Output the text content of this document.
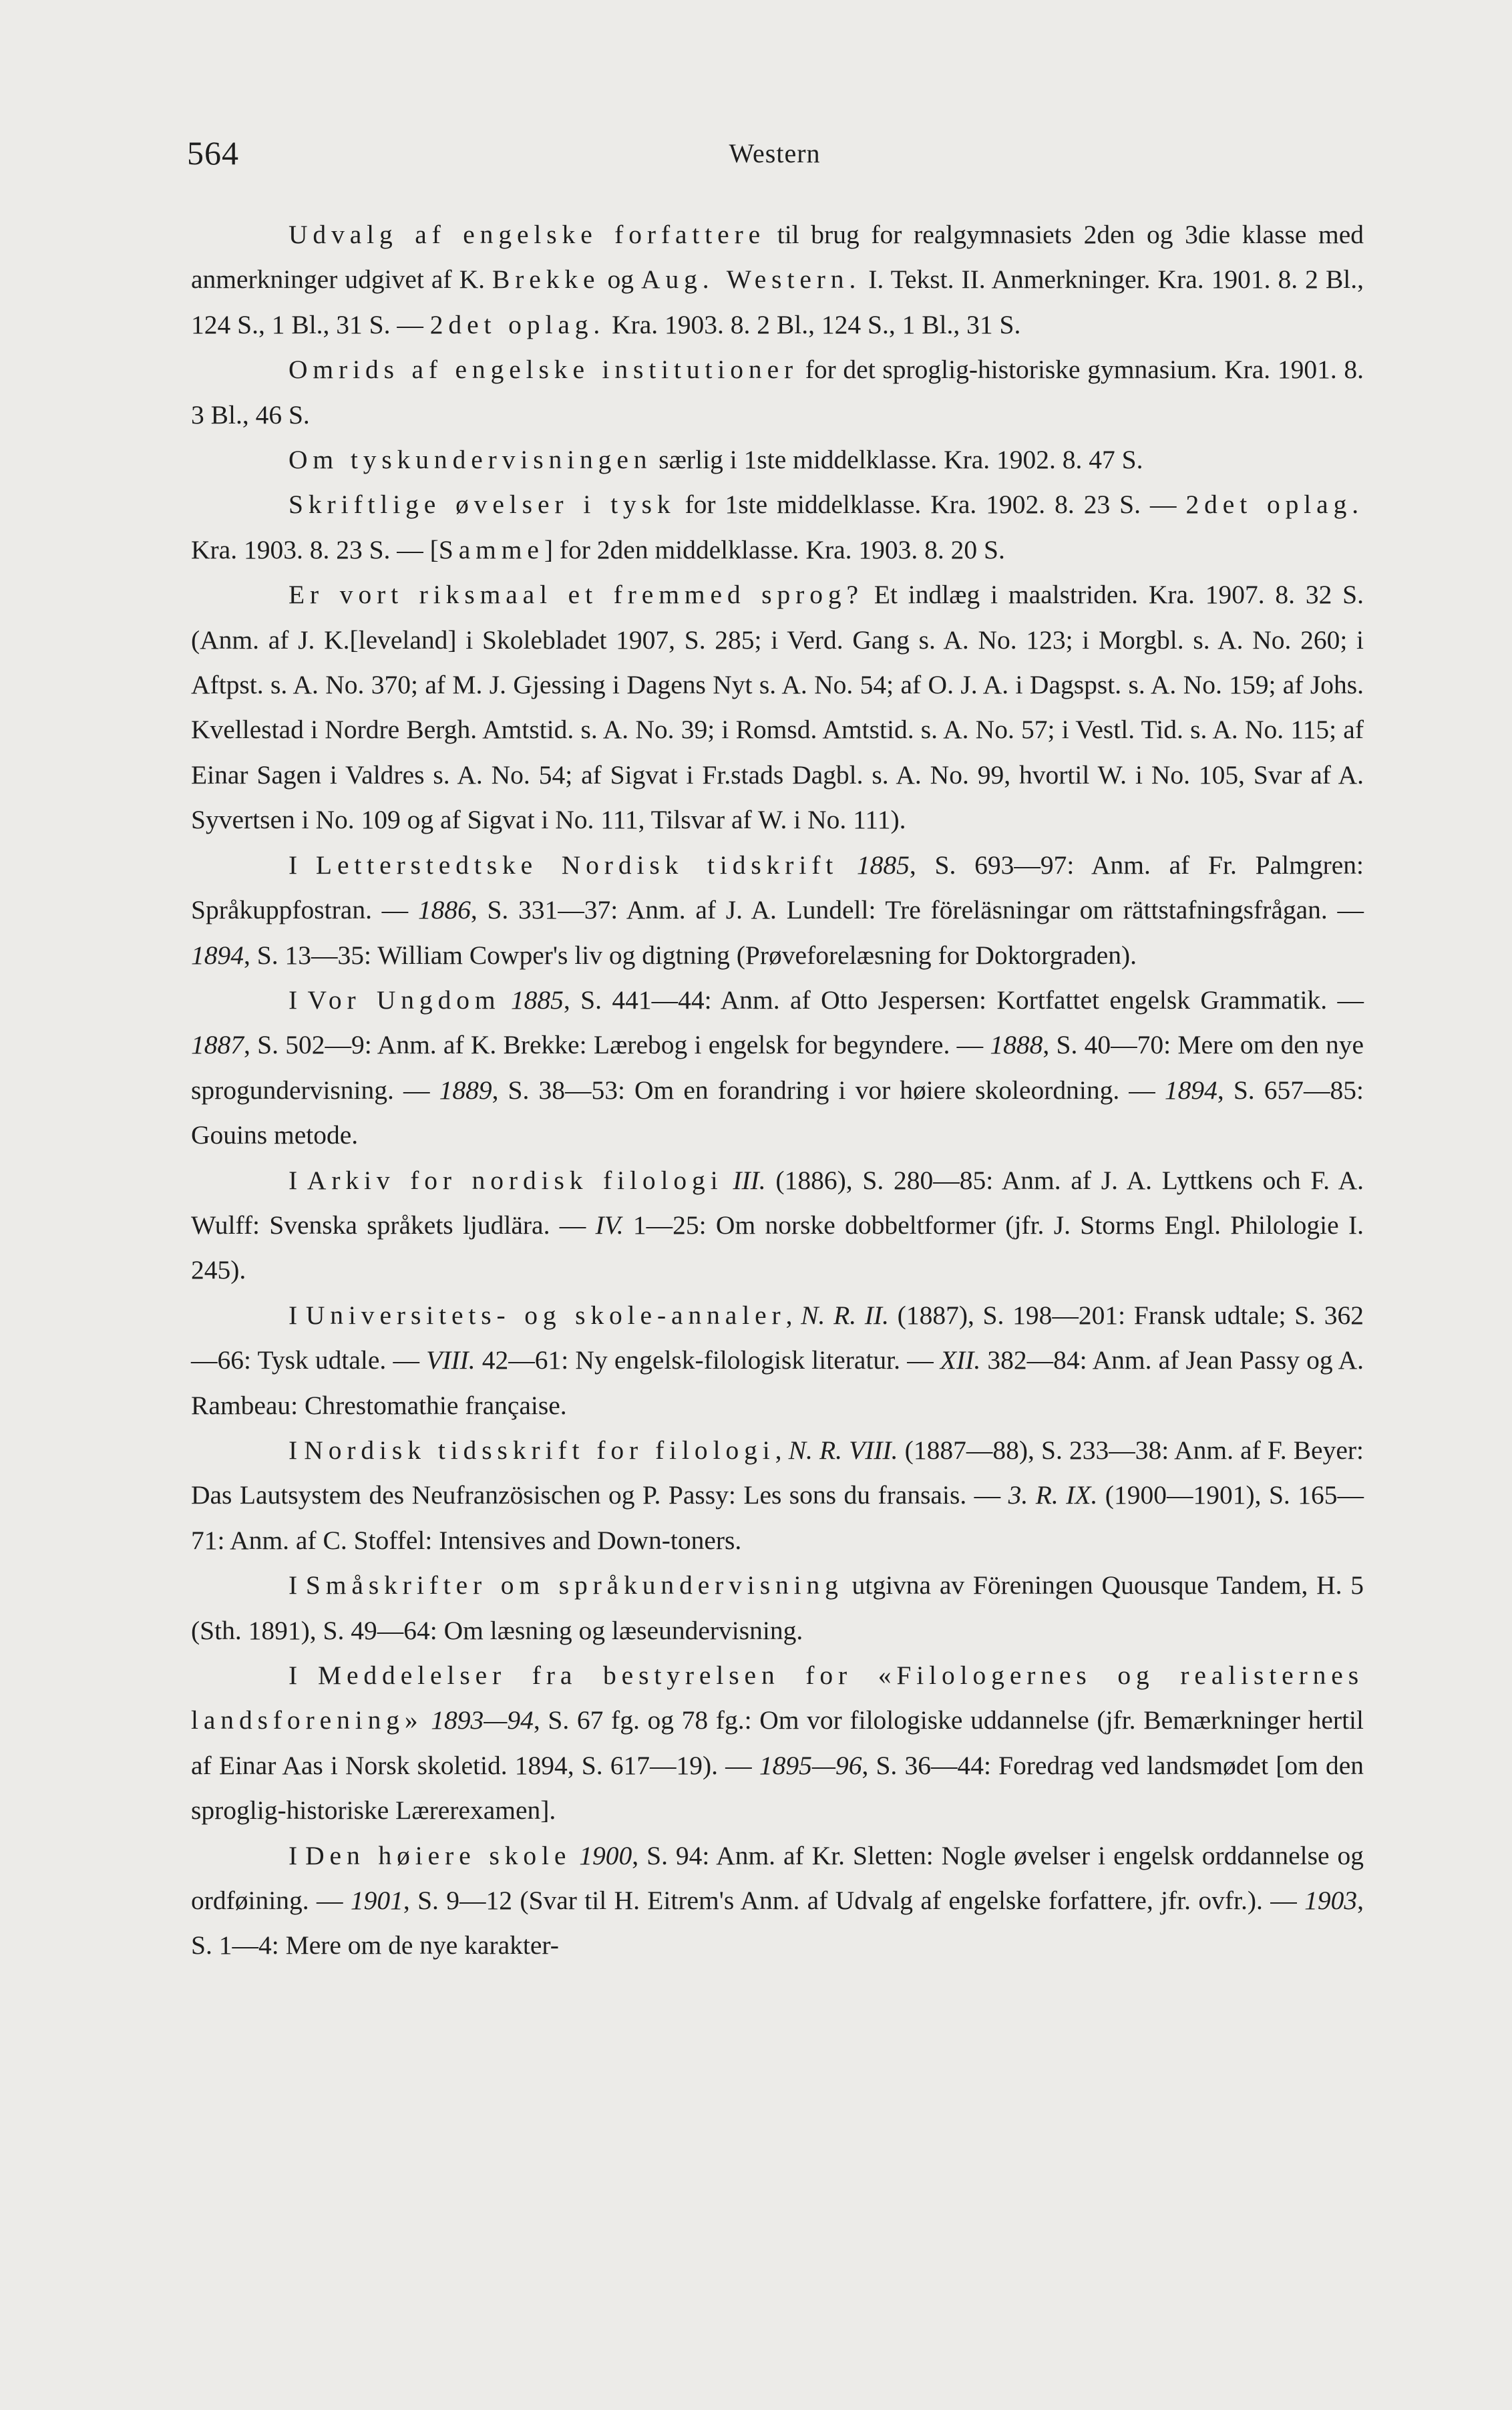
564	Western

Udvalg af engelske forfattere til brug for realgymnasiets 2den og 3die klasse med anmerkninger udgivet af K. Brekke og Aug. Western. I. Tekst. II. Anmerkninger. Kra. 1901. 8. 2 Bl., 124 S., 1 Bl., 31 S. — 2det oplag. Kra. 1903. 8. 2 Bl., 124 S., 1 Bl., 31 S.

Omrids af engelske institutioner for det sproglig-historiske gymnasium. Kra. 1901. 8. 3 Bl., 46 S.

Om tyskundervisningen særlig i 1ste middelklasse. Kra. 1902. 8. 47 S.

Skriftlige øvelser i tysk for 1ste middelklasse. Kra. 1902. 8. 23 S. — 2det oplag. Kra. 1903. 8. 23 S. — [Samme] for 2den middelklasse. Kra. 1903. 8. 20 S.

Er vort riksmaal et fremmed sprog? Et indlæg i maalstriden. Kra. 1907. 8. 32 S. (Anm. af J. K.[leveland] i Skolebladet 1907, S. 285; i Verd. Gang s. A. No. 123; i Morgbl. s. A. No. 260; i Aftpst. s. A. No. 370; af M. J. Gjessing i Dagens Nyt s. A. No. 54; af O. J. A. i Dagspst. s. A. No. 159; af Johs. Kvellestad i Nordre Bergh. Amtstid. s. A. No. 39; i Romsd. Amtstid. s. A. No. 57; i Vestl. Tid. s. A. No. 115; af Einar Sagen i Valdres s. A. No. 54; af Sigvat i Fr.stads Dagbl. s. A. No. 99, hvortil W. i No. 105, Svar af A. Syvertsen i No. 109 og af Sigvat i No. 111, Tilsvar af W. i No. 111).

I Letterstedtske Nordisk tidskrift 1885, S. 693—97: Anm. af Fr. Palmgren: Språkuppfostran. — 1886, S. 331—37: Anm. af J. A. Lundell: Tre föreläsningar om rättstafningsfrågan. — 1894, S. 13—35: William Cowper's liv og digtning (Prøveforelæsning for Doktorgraden).

I Vor Ungdom 1885, S. 441—44: Anm. af Otto Jespersen: Kortfattet engelsk Grammatik. — 1887, S. 502—9: Anm. af K. Brekke: Lærebog i engelsk for begyndere. — 1888, S. 40—70: Mere om den nye sprogundervisning. — 1889, S. 38—53: Om en forandring i vor høiere skoleordning. — 1894, S. 657—85: Gouins metode.

I Arkiv for nordisk filologi III. (1886), S. 280—85: Anm. af J. A. Lyttkens och F. A. Wulff: Svenska språkets ljudlära. — IV. 1—25: Om norske dobbeltformer (jfr. J. Storms Engl. Philologie I. 245).

I Universitets- og skole-annaler, N. R. II. (1887), S. 198—201: Fransk udtale; S. 362—66: Tysk udtale. — VIII. 42—61: Ny engelsk-filologisk literatur. — XII. 382—84: Anm. af Jean Passy og A. Rambeau: Chrestomathie française.

I Nordisk tidsskrift for filologi, N. R. VIII. (1887—88), S. 233—38: Anm. af F. Beyer: Das Lautsystem des Neufranzösischen og P. Passy: Les sons du fransais. — 3. R. IX. (1900—1901), S. 165—71: Anm. af C. Stoffel: Intensives and Down-toners.

I Småskrifter om språkundervisning utgivna av Föreningen Quousque Tandem, H. 5 (Sth. 1891), S. 49—64: Om læsning og læseundervisning.

I Meddelelser fra bestyrelsen for «Filologernes og realisternes landsforening» 1893—94, S. 67 fg. og 78 fg.: Om vor filologiske uddannelse (jfr. Bemærkninger hertil af Einar Aas i Norsk skoletid. 1894, S. 617—19). — 1895—96, S. 36—44: Foredrag ved landsmødet [om den sproglig-historiske Lærerexamen].

I Den høiere skole 1900, S. 94: Anm. af Kr. Sletten: Nogle øvelser i engelsk orddannelse og ordføining. — 1901, S. 9—12 (Svar til H. Eitrem's Anm. af Udvalg af engelske forfattere, jfr. ovfr.). — 1903, S. 1—4: Mere om de nye karakter-
